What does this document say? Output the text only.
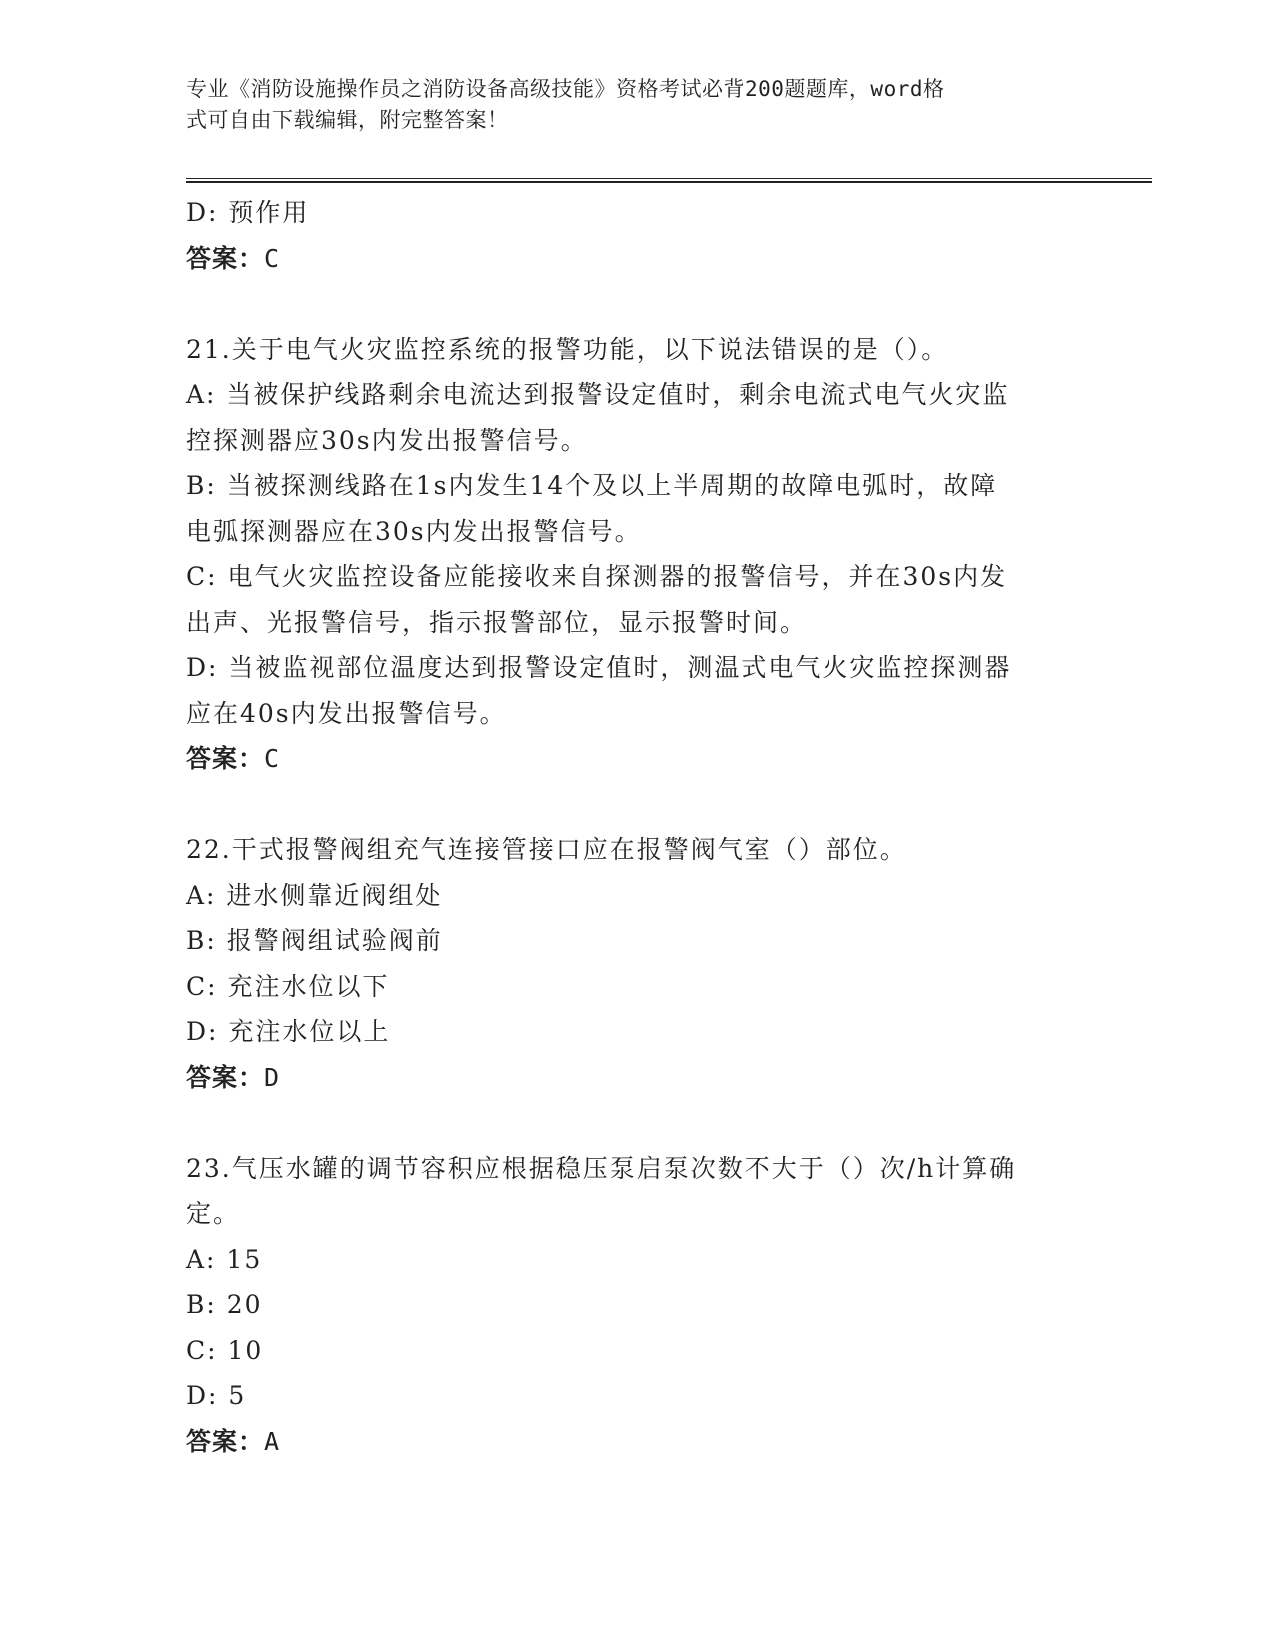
专业《消防设施操作员之消防设备高级技能》资格考试必背200题题库，word格
式可自由下载编辑，附完整答案！
D: 预作用
答案：C
21.关于电气火灾监控系统的报警功能，以下说法错误的是（）。
A: 当被保护线路剩余电流达到报警设定值时，剩余电流式电气火灾监
控探测器应30s内发出报警信号。
B: 当被探测线路在1s内发生14个及以上半周期的故障电弧时，故障
电弧探测器应在30s内发出报警信号。
C: 电气火灾监控设备应能接收来自探测器的报警信号，并在30s内发
出声、光报警信号，指示报警部位，显示报警时间。
D: 当被监视部位温度达到报警设定值时，测温式电气火灾监控探测器
应在40s内发出报警信号。
答案：C
22.干式报警阀组充气连接管接口应在报警阀气室（）部位。
A: 进水侧靠近阀组处
B: 报警阀组试验阀前
C: 充注水位以下
D: 充注水位以上
答案：D
23.气压水罐的调节容积应根据稳压泵启泵次数不大于（）次/h计算确
定。
A: 15
B: 20
C: 10
D: 5
答案：A
